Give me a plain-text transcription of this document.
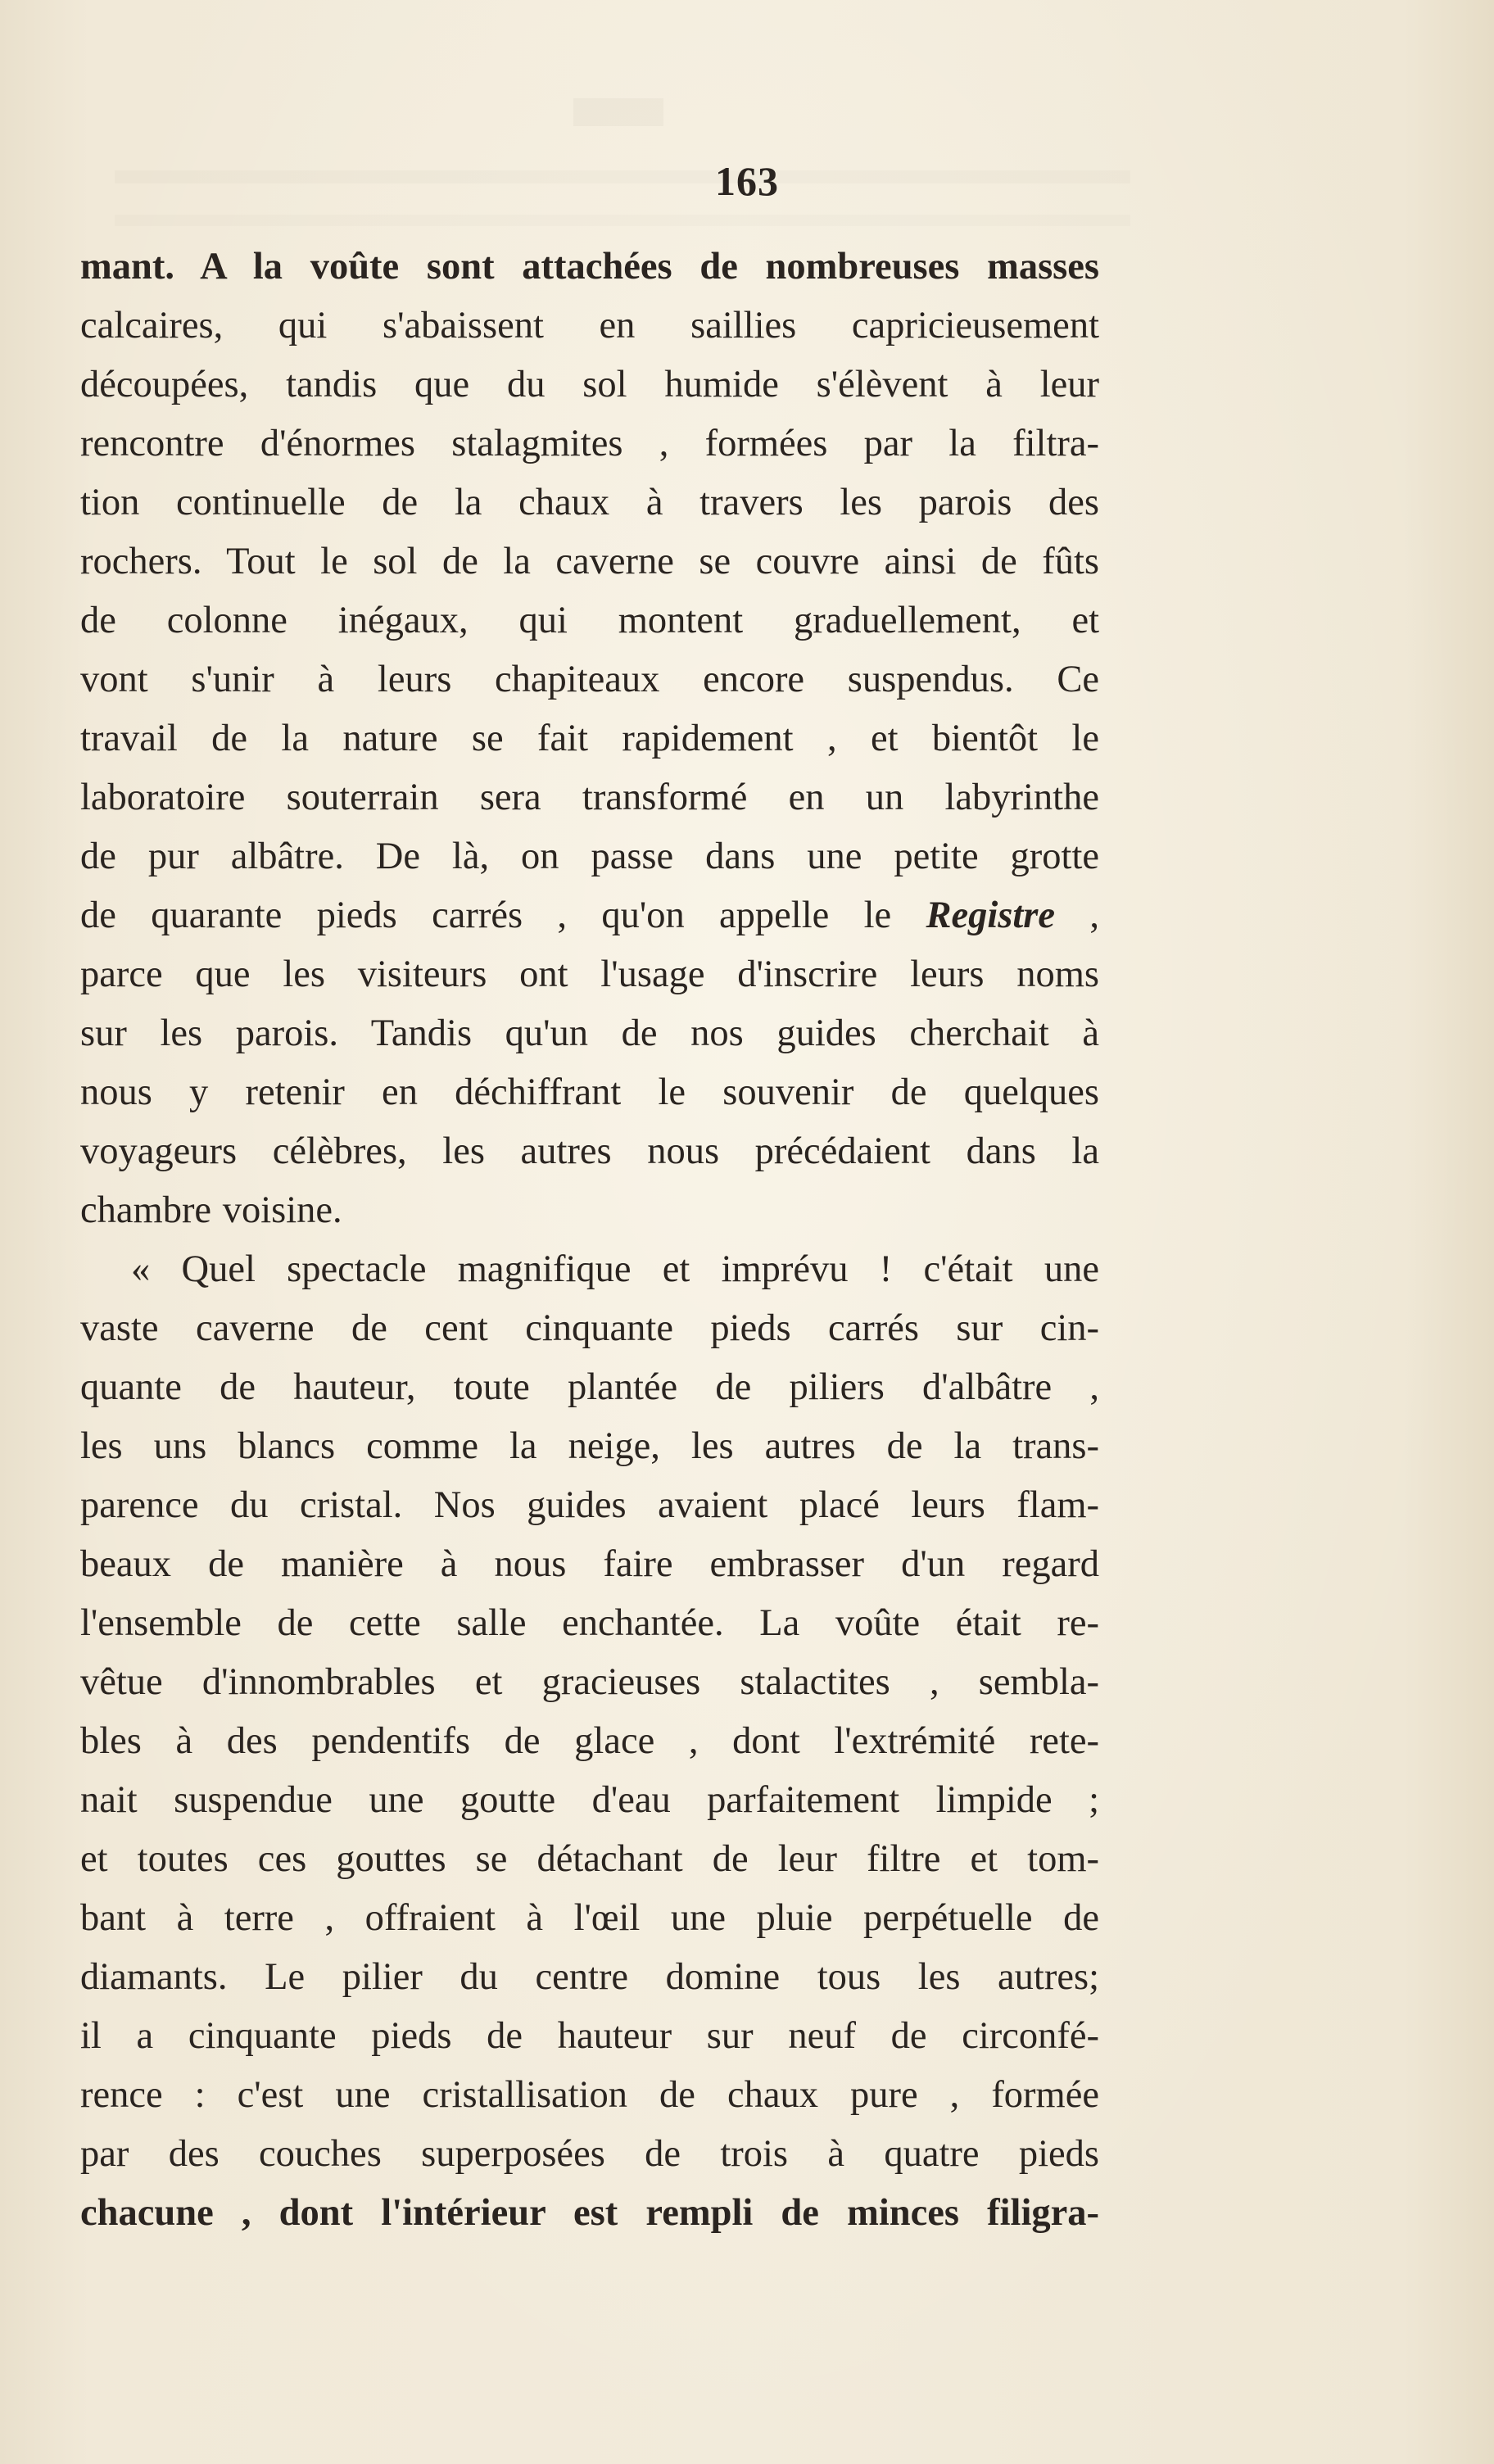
163
mant. A la voûte sont attachées de nombreuses masses
calcaires, qui s'abaissent en saillies capricieusement
découpées, tandis que du sol humide s'élèvent à leur
rencontre d'énormes stalagmites , formées par la filtra-
tion continuelle de la chaux à travers les parois des
rochers. Tout le sol de la caverne se couvre ainsi de fûts
de colonne inégaux, qui montent graduellement, et
vont s'unir à leurs chapiteaux encore suspendus. Ce
travail de la nature se fait rapidement , et bientôt le
laboratoire souterrain sera transformé en un labyrinthe
de pur albâtre. De là, on passe dans une petite grotte
de quarante pieds carrés , qu'on appelle le Registre ,
parce que les visiteurs ont l'usage d'inscrire leurs noms
sur les parois. Tandis qu'un de nos guides cherchait à
nous y retenir en déchiffrant le souvenir de quelques
voyageurs célèbres, les autres nous précédaient dans la
chambre voisine.
« Quel spectacle magnifique et imprévu ! c'était une
vaste caverne de cent cinquante pieds carrés sur cin-
quante de hauteur, toute plantée de piliers d'albâtre ,
les uns blancs comme la neige, les autres de la trans-
parence du cristal. Nos guides avaient placé leurs flam-
beaux de manière à nous faire embrasser d'un regard
l'ensemble de cette salle enchantée. La voûte était re-
vêtue d'innombrables et gracieuses stalactites , sembla-
bles à des pendentifs de glace , dont l'extrémité rete-
nait suspendue une goutte d'eau parfaitement limpide ;
et toutes ces gouttes se détachant de leur filtre et tom-
bant à terre , offraient à l'œil une pluie perpétuelle de
diamants. Le pilier du centre domine tous les autres;
il a cinquante pieds de hauteur sur neuf de circonfé-
rence : c'est une cristallisation de chaux pure , formée
par des couches superposées de trois à quatre pieds
chacune , dont l'intérieur est rempli de minces filigra-
